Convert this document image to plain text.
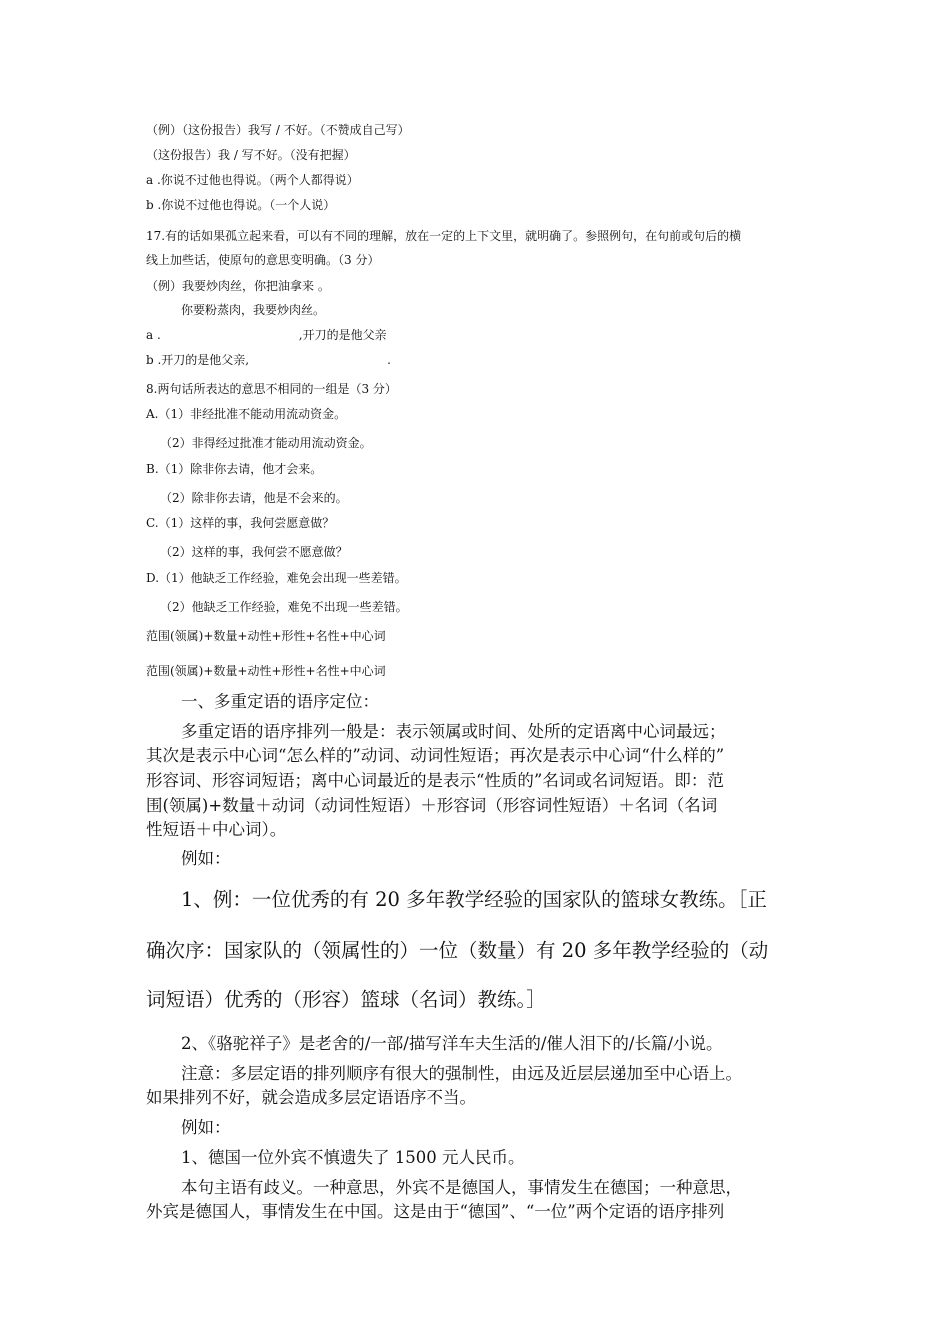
（例）（这份报告）我写 / 不好。（不赞成自己写）
（这份报告）我 / 写不好。（没有把握）
a .你说不过他也得说。（两个人都得说）
b .你说不过他也得说。（一个人说）
17.有的话如果孤立起来看，可以有不同的理解，放在一定的上下文里，就明确了。参照例句，在句前或句后的横
线上加些话，使原句的意思变明确。（3 分）
（例）我要炒肉丝，你把油拿来 。
你要粉蒸肉，我要炒肉丝。
a .	,开刀的是他父亲
b .开刀的是他父亲,	.
8.两句话所表达的意思不相同的一组是（3 分）
A.（1）非经批准不能动用流动资金。
（2）非得经过批准才能动用流动资金。
B.（1）除非你去请，他才会来。
（2）除非你去请，他是不会来的。
C.（1）这样的事，我何尝愿意做？
（2）这样的事，我何尝不愿意做？
D.（1）他缺乏工作经验，难免会出现一些差错。
（2）他缺乏工作经验，难免不出现一些差错。
范围(领属)+数量+动性+形性+名性+中心词
范围(领属)+数量+动性+形性+名性+中心词
一、多重定语的语序定位：
多重定语的语序排列一般是：表示领属或时间、处所的定语离中心词最远；
其次是表示中心词“怎么样的”动词、动词性短语；再次是表示中心词“什么样的”
形容词、形容词短语；离中心词最近的是表示“性质的”名词或名词短语。即：范
围(领属)+数量＋动词（动词性短语）＋形容词（形容词性短语）＋名词（名词
性短语＋中心词）。
例如：
1、例：一位优秀的有 20 多年教学经验的国家队的篮球女教练。［正
确次序：国家队的（领属性的）一位（数量）有 20 多年教学经验的（动
词短语）优秀的（形容）篮球（名词）教练。］
2、《骆驼祥子》是老舍的/一部/描写洋车夫生活的/催人泪下的/长篇/小说。
注意：多层定语的排列顺序有很大的强制性，由远及近层层递加至中心语上。
如果排列不好，就会造成多层定语语序不当。
例如：
1、德国一位外宾不慎遗失了 1500 元人民币。
本句主语有歧义。一种意思，外宾不是德国人，事情发生在德国；一种意思，
外宾是德国人，事情发生在中国。这是由于“德国”、“一位”两个定语的语序排列
